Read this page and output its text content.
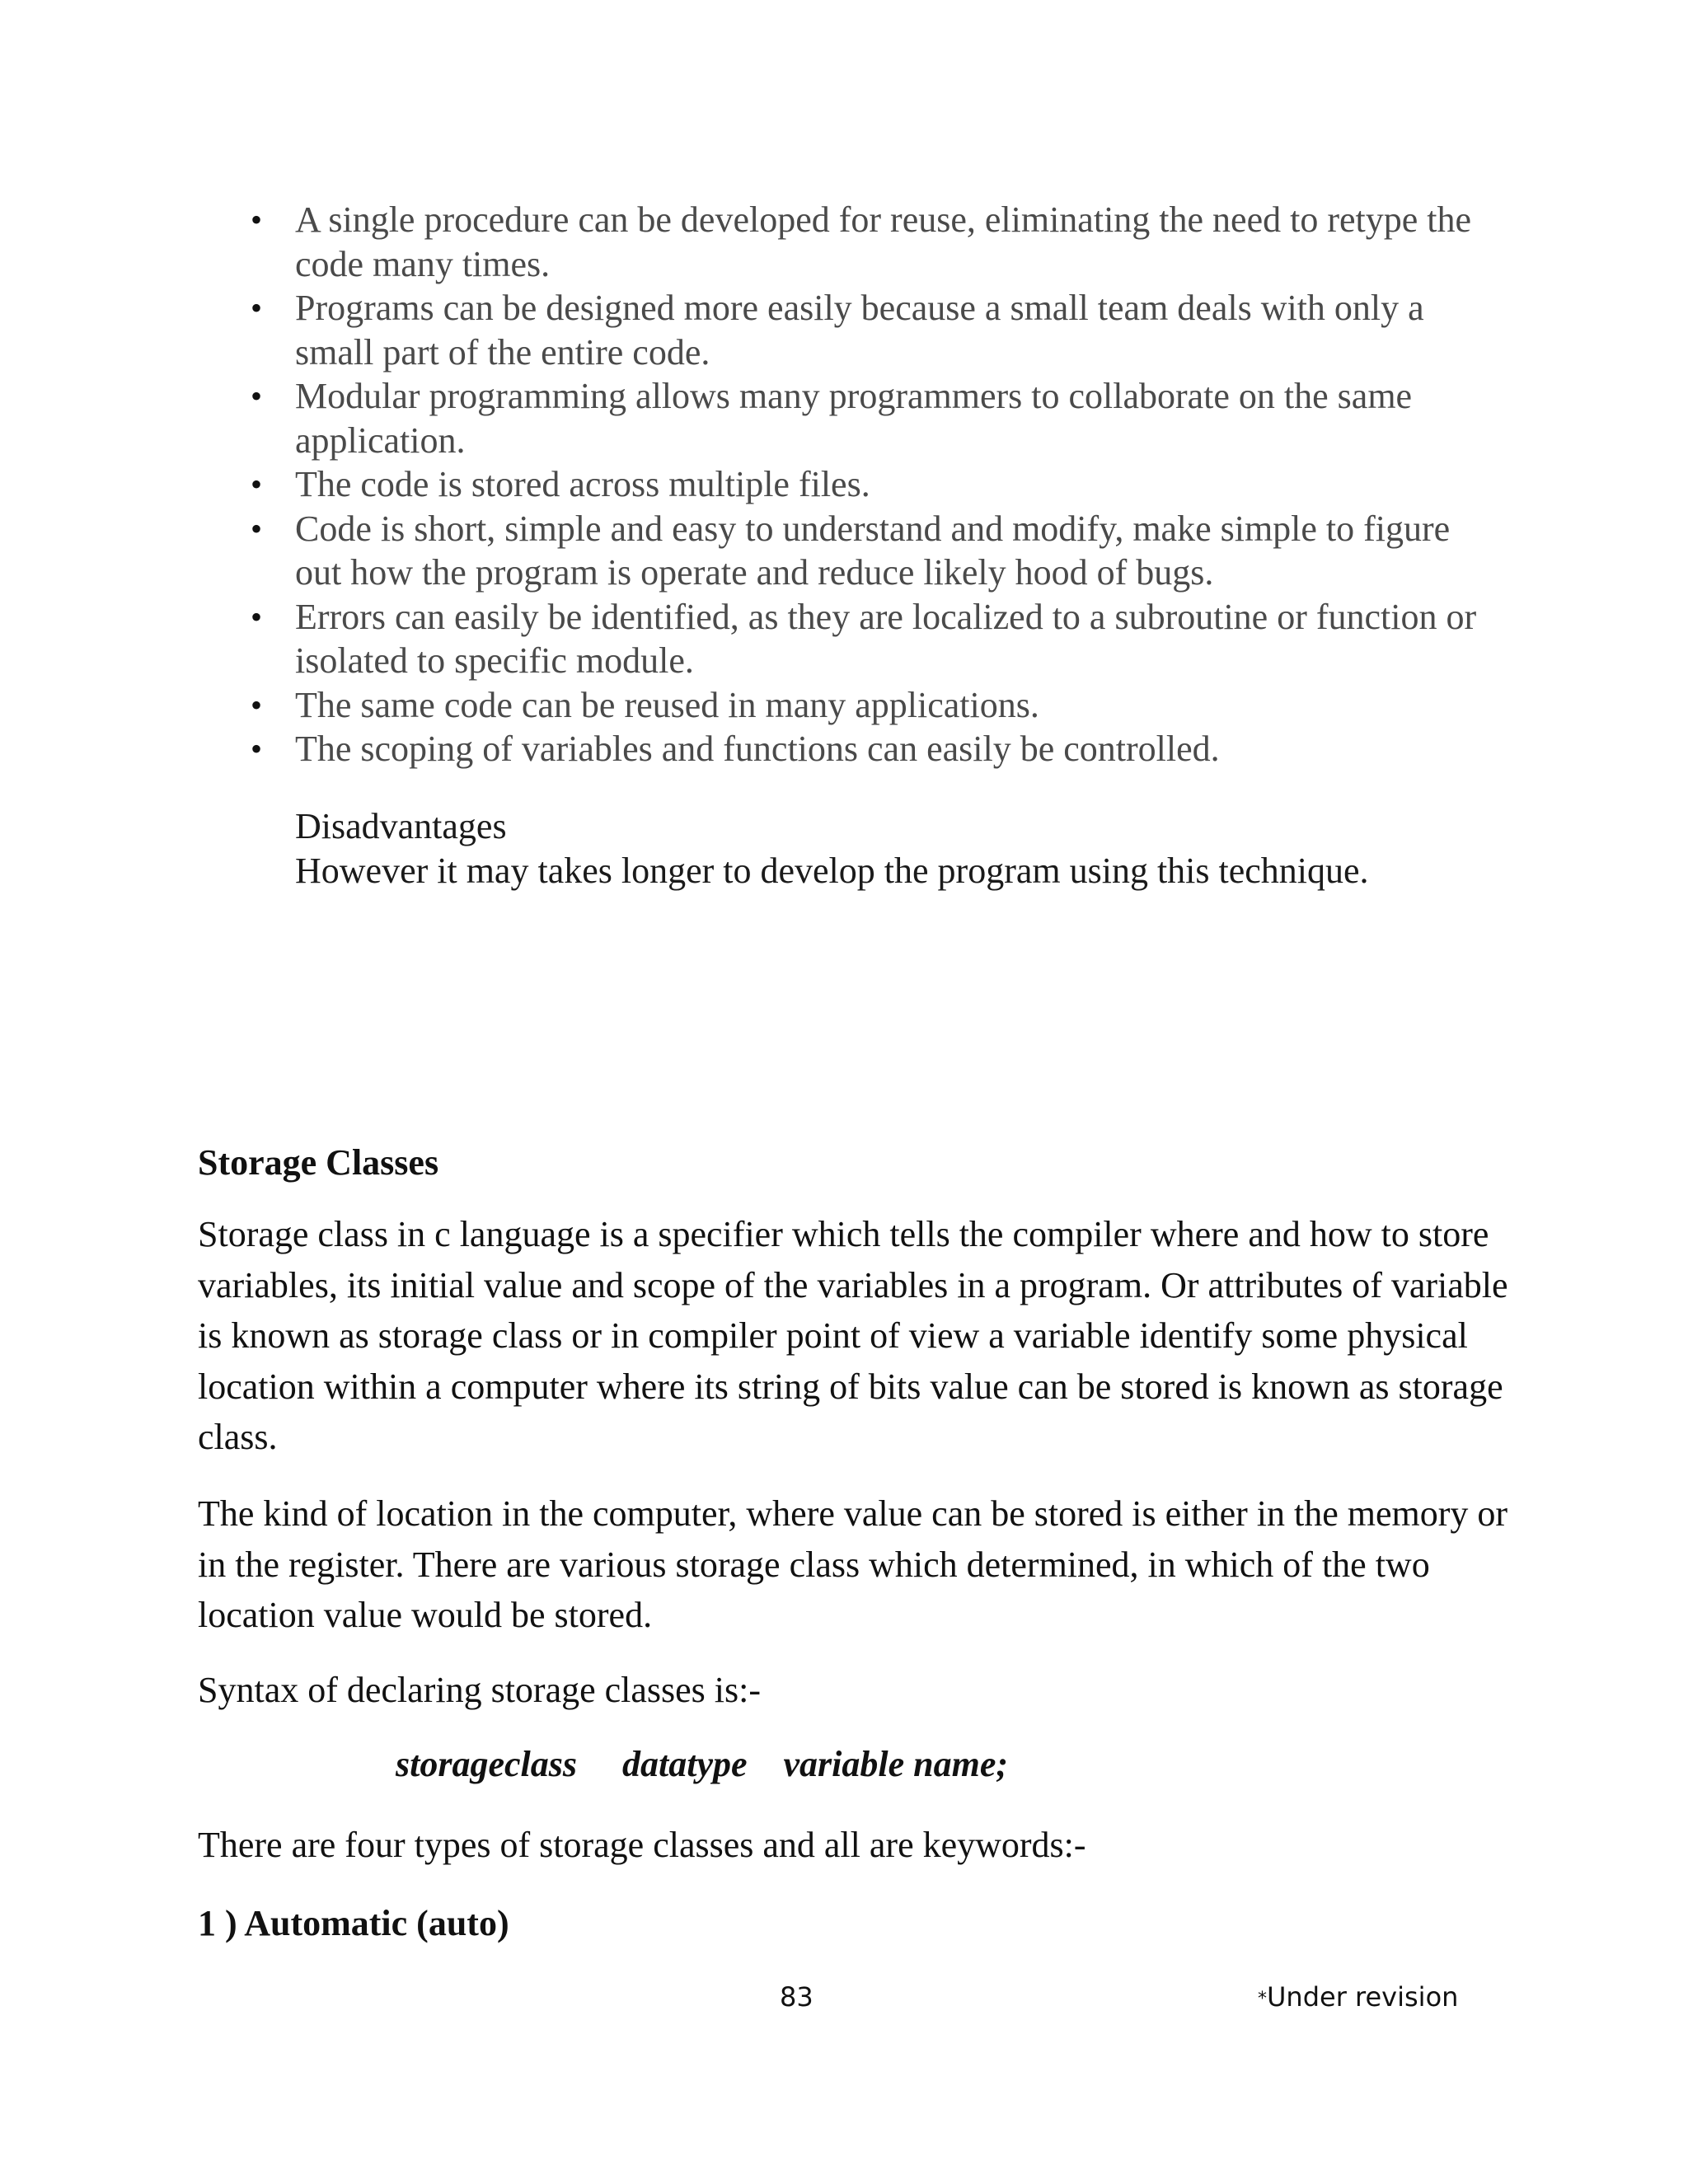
• A single procedure can be developed for reuse, eliminating the need to retype the code many times.
• Programs can be designed more easily because a small team deals with only a small part of the entire code.
• Modular programming allows many programmers to collaborate on the same application.
• The code is stored across multiple files.
• Code is short, simple and easy to understand and modify, make simple to figure out how the program is operate and reduce likely hood of bugs.
• Errors can easily be identified, as they are localized to a subroutine or function or isolated to specific module.
• The same code can be reused in many applications.
• The scoping of variables and functions can easily be controlled.
Disadvantages
However it may takes longer to develop the program using this technique.
Storage Classes
Storage class in c language is a specifier which tells the compiler where and how to store variables, its initial value and scope of the variables in a program. Or attributes of variable is known as storage class or in compiler point of view a variable identify some physical location within a computer where its string of bits value can be stored is known as storage class.
The kind of location in the computer, where value can be stored is either in the memory or in the register. There are various storage class which determined, in which of the two location value would be stored.
Syntax of declaring storage classes is:-
storageclass     datatype    variable name;
There are four types of storage classes and all are keywords:-
1 ) Automatic (auto)
83	*Under revision
